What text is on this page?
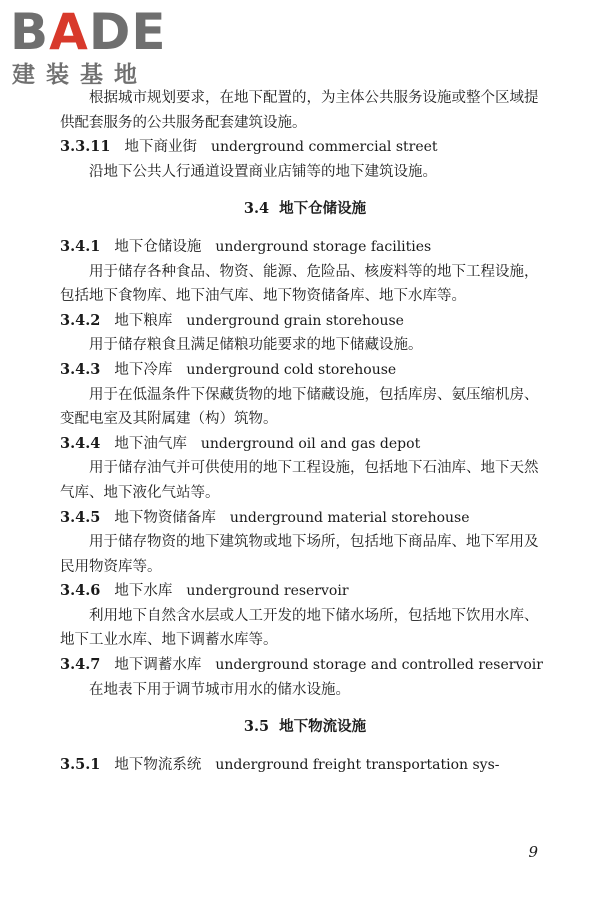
BADE
建装基地

根据城市规划要求，在地下配置的，为主体公共服务设施或整个区域提供配套服务的公共服务配套建筑设施。

3.3.11 地下商业街 underground commercial street

沿地下公共人行通道设置商业店铺等的地下建筑设施。

3.4 地下仓储设施

3.4.1 地下仓储设施 underground storage facilities

用于储存各种食品、物资、能源、危险品、核废料等的地下工程设施，包括地下食物库、地下油气库、地下物资储备库、地下水库等。

3.4.2 地下粮库 underground grain storehouse

用于储存粮食且满足储粮功能要求的地下储藏设施。

3.4.3 地下冷库 underground cold storehouse

用于在低温条件下保藏货物的地下储藏设施，包括库房、氨压缩机房、变配电室及其附属建（构）筑物。

3.4.4 地下油气库 underground oil and gas depot

用于储存油气并可供使用的地下工程设施，包括地下石油库、地下天然气库、地下液化气站等。

3.4.5 地下物资储备库 underground material storehouse

用于储存物资的地下建筑物或地下场所，包括地下商品库、地下军用及民用物资库等。

3.4.6 地下水库 underground reservoir

利用地下自然含水层或人工开发的地下储水场所，包括地下饮用水库、地下工业水库、地下调蓄水库等。

3.4.7 地下调蓄水库 underground storage and controlled reservoir

在地表下用于调节城市用水的储水设施。

3.5 地下物流设施

3.5.1 地下物流系统 underground freight transportation sys-

9
